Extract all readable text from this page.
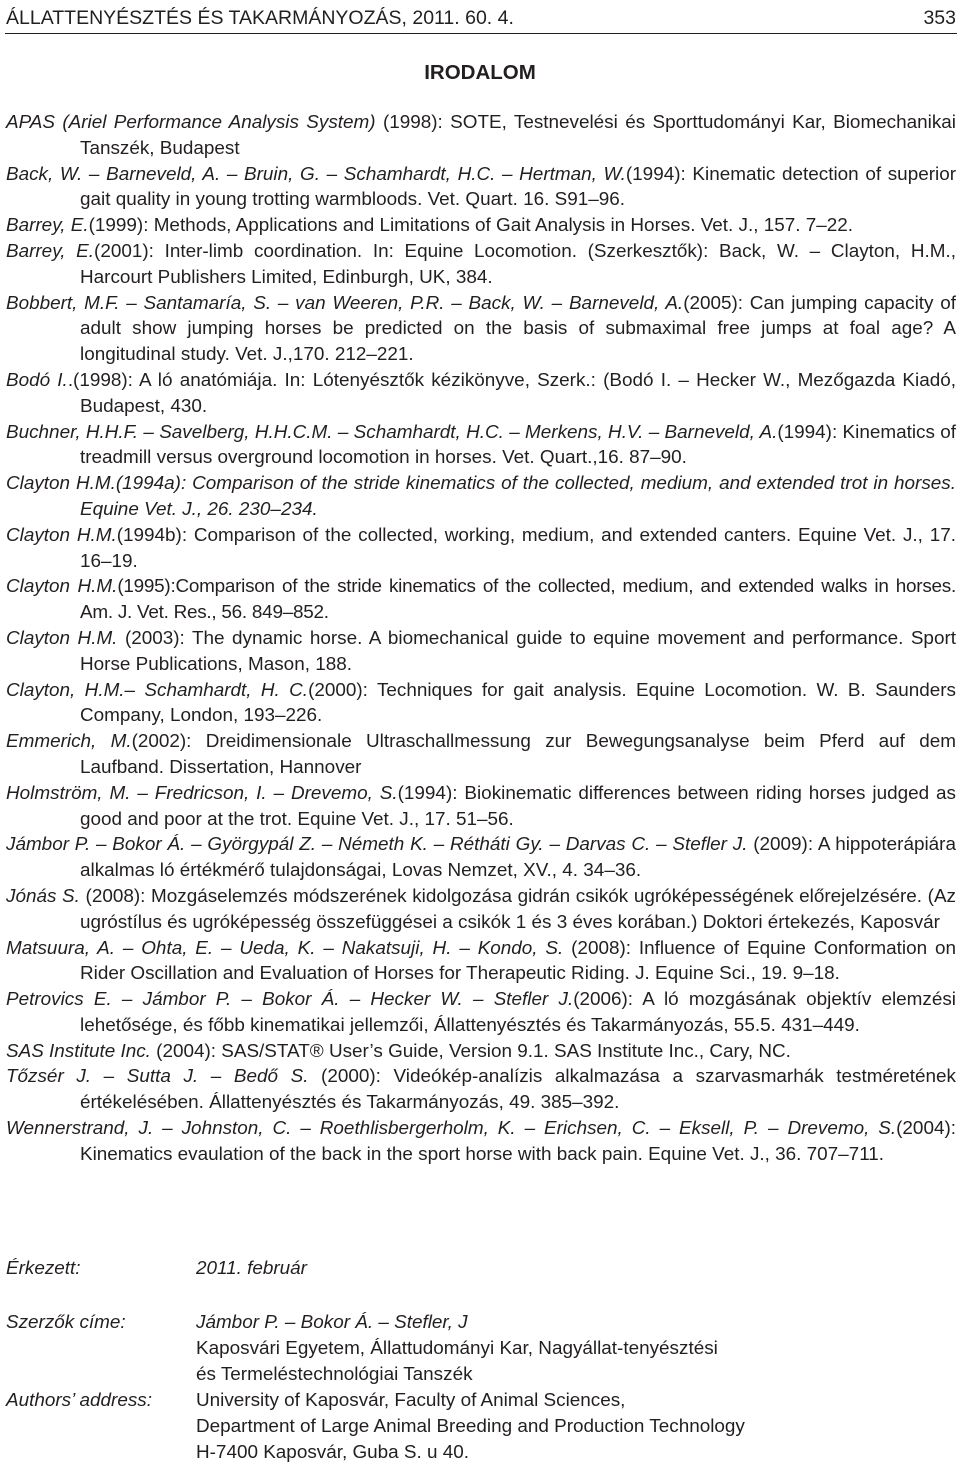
ÁLLATTENYÉSZTÉS ÉS TAKARMÁNYOZÁS, 2011. 60. 4.	353
IRODALOM
APAS (Ariel Performance Analysis System) (1998): SOTE, Testnevelési és Sporttudományi Kar, Biomechanikai Tanszék, Budapest
Back, W. – Barneveld, A. – Bruin, G. – Schamhardt, H.C. – Hertman, W.(1994): Kinematic detection of superior gait quality in young trotting warmbloods. Vet. Quart. 16. S91–96.
Barrey, E.(1999): Methods, Applications and Limitations of Gait Analysis in Horses. Vet. J., 157. 7–22.
Barrey, E.(2001): Inter-limb coordination. In: Equine Locomotion. (Szerkesztők): Back, W. – Clayton, H.M., Harcourt Publishers Limited, Edinburgh, UK, 384.
Bobbert, M.F. – Santamaría, S. – van Weeren, P.R. – Back, W. – Barneveld, A.(2005): Can jumping capacity of adult show jumping horses be predicted on the basis of submaximal free jumps at foal age? A longitudinal study. Vet. J.,170. 212–221.
Bodó I..(1998): A ló anatómiája. In: Lótenyésztők kézikönyve, Szerk.: (Bodó I. – Hecker W., Mezőgazda Kiadó, Budapest, 430.
Buchner, H.H.F. – Savelberg, H.H.C.M. – Schamhardt, H.C. – Merkens, H.V. – Barneveld, A.(1994): Kinematics of treadmill versus overground locomotion in horses. Vet. Quart.,16. 87–90.
Clayton H.M.(1994a): Comparison of the stride kinematics of the collected, medium, and extended trot in horses. Equine Vet. J., 26. 230–234.
Clayton H.M.(1994b): Comparison of the collected, working, medium, and extended canters. Equine Vet. J., 17. 16–19.
Clayton H.M.(1995):Comparison of the stride kinematics of the collected, medium, and extended walks in horses. Am. J. Vet. Res., 56. 849–852.
Clayton H.M. (2003): The dynamic horse. A biomechanical guide to equine movement and performance. Sport Horse Publications, Mason, 188.
Clayton, H.M.– Schamhardt, H. C.(2000): Techniques for gait analysis. Equine Locomotion. W. B. Saunders Company, London, 193–226.
Emmerich, M.(2002): Dreidimensionale Ultraschallmessung zur Bewegungsanalyse beim Pferd auf dem Laufband. Dissertation, Hannover
Holmström, M. – Fredricson, I. – Drevemo, S.(1994): Biokinematic differences between riding horses judged as good and poor at the trot. Equine Vet. J., 17. 51–56.
Jámbor P. – Bokor Á. – Györgypál Z. – Németh K. – Rétháti Gy. – Darvas C. – Stefler J. (2009): A hippoterápiára alkalmas ló értékmérő tulajdonságai, Lovas Nemzet, XV., 4. 34–36.
Jónás S. (2008): Mozgáselemzés módszerének kidolgozása gidrán csikók ugróképességének előrejelzésére. (Az ugróstílus és ugróképesség összefüggései a csikók 1 és 3 éves korában.) Doktori értekezés, Kaposvár
Matsuura, A. – Ohta, E. – Ueda, K. – Nakatsuji, H. – Kondo, S. (2008): Influence of Equine Conformation on Rider Oscillation and Evaluation of Horses for Therapeutic Riding. J. Equine Sci., 19. 9–18.
Petrovics E. – Jámbor P. – Bokor Á. – Hecker W. – Stefler J.(2006): A ló mozgásának objektív elemzési lehetősége, és főbb kinematikai jellemzői, Állattenyésztés és Takarmányozás, 55.5. 431–449.
SAS Institute Inc. (2004): SAS/STAT® User’s Guide, Version 9.1. SAS Institute Inc., Cary, NC.
Tőzsér J. – Sutta J. – Bedő S. (2000): Videókép-analízis alkalmazása a szarvasmarhák testméretének értékelésében. Állattenyésztés és Takarmányozás, 49. 385–392.
Wennerstrand, J. – Johnston, C. – Roethlisbergerholm, K. – Erichsen, C. – Eksell, P. – Drevemo, S.(2004): Kinematics evaulation of the back in the sport horse with back pain. Equine Vet. J., 36. 707–711.
Érkezett:	2011. február
Szerzők címe:	Jámbor P. – Bokor Á. – Stefler, J
Kaposvári Egyetem, Állattudományi Kar, Nagyállat-tenyésztési
és Termeléstechnológiai Tanszék
Authors’ address: University of Kaposvár, Faculty of Animal Sciences,
Department of Large Animal Breeding and Production Technology
H-7400 Kaposvár, Guba S. u 40.
